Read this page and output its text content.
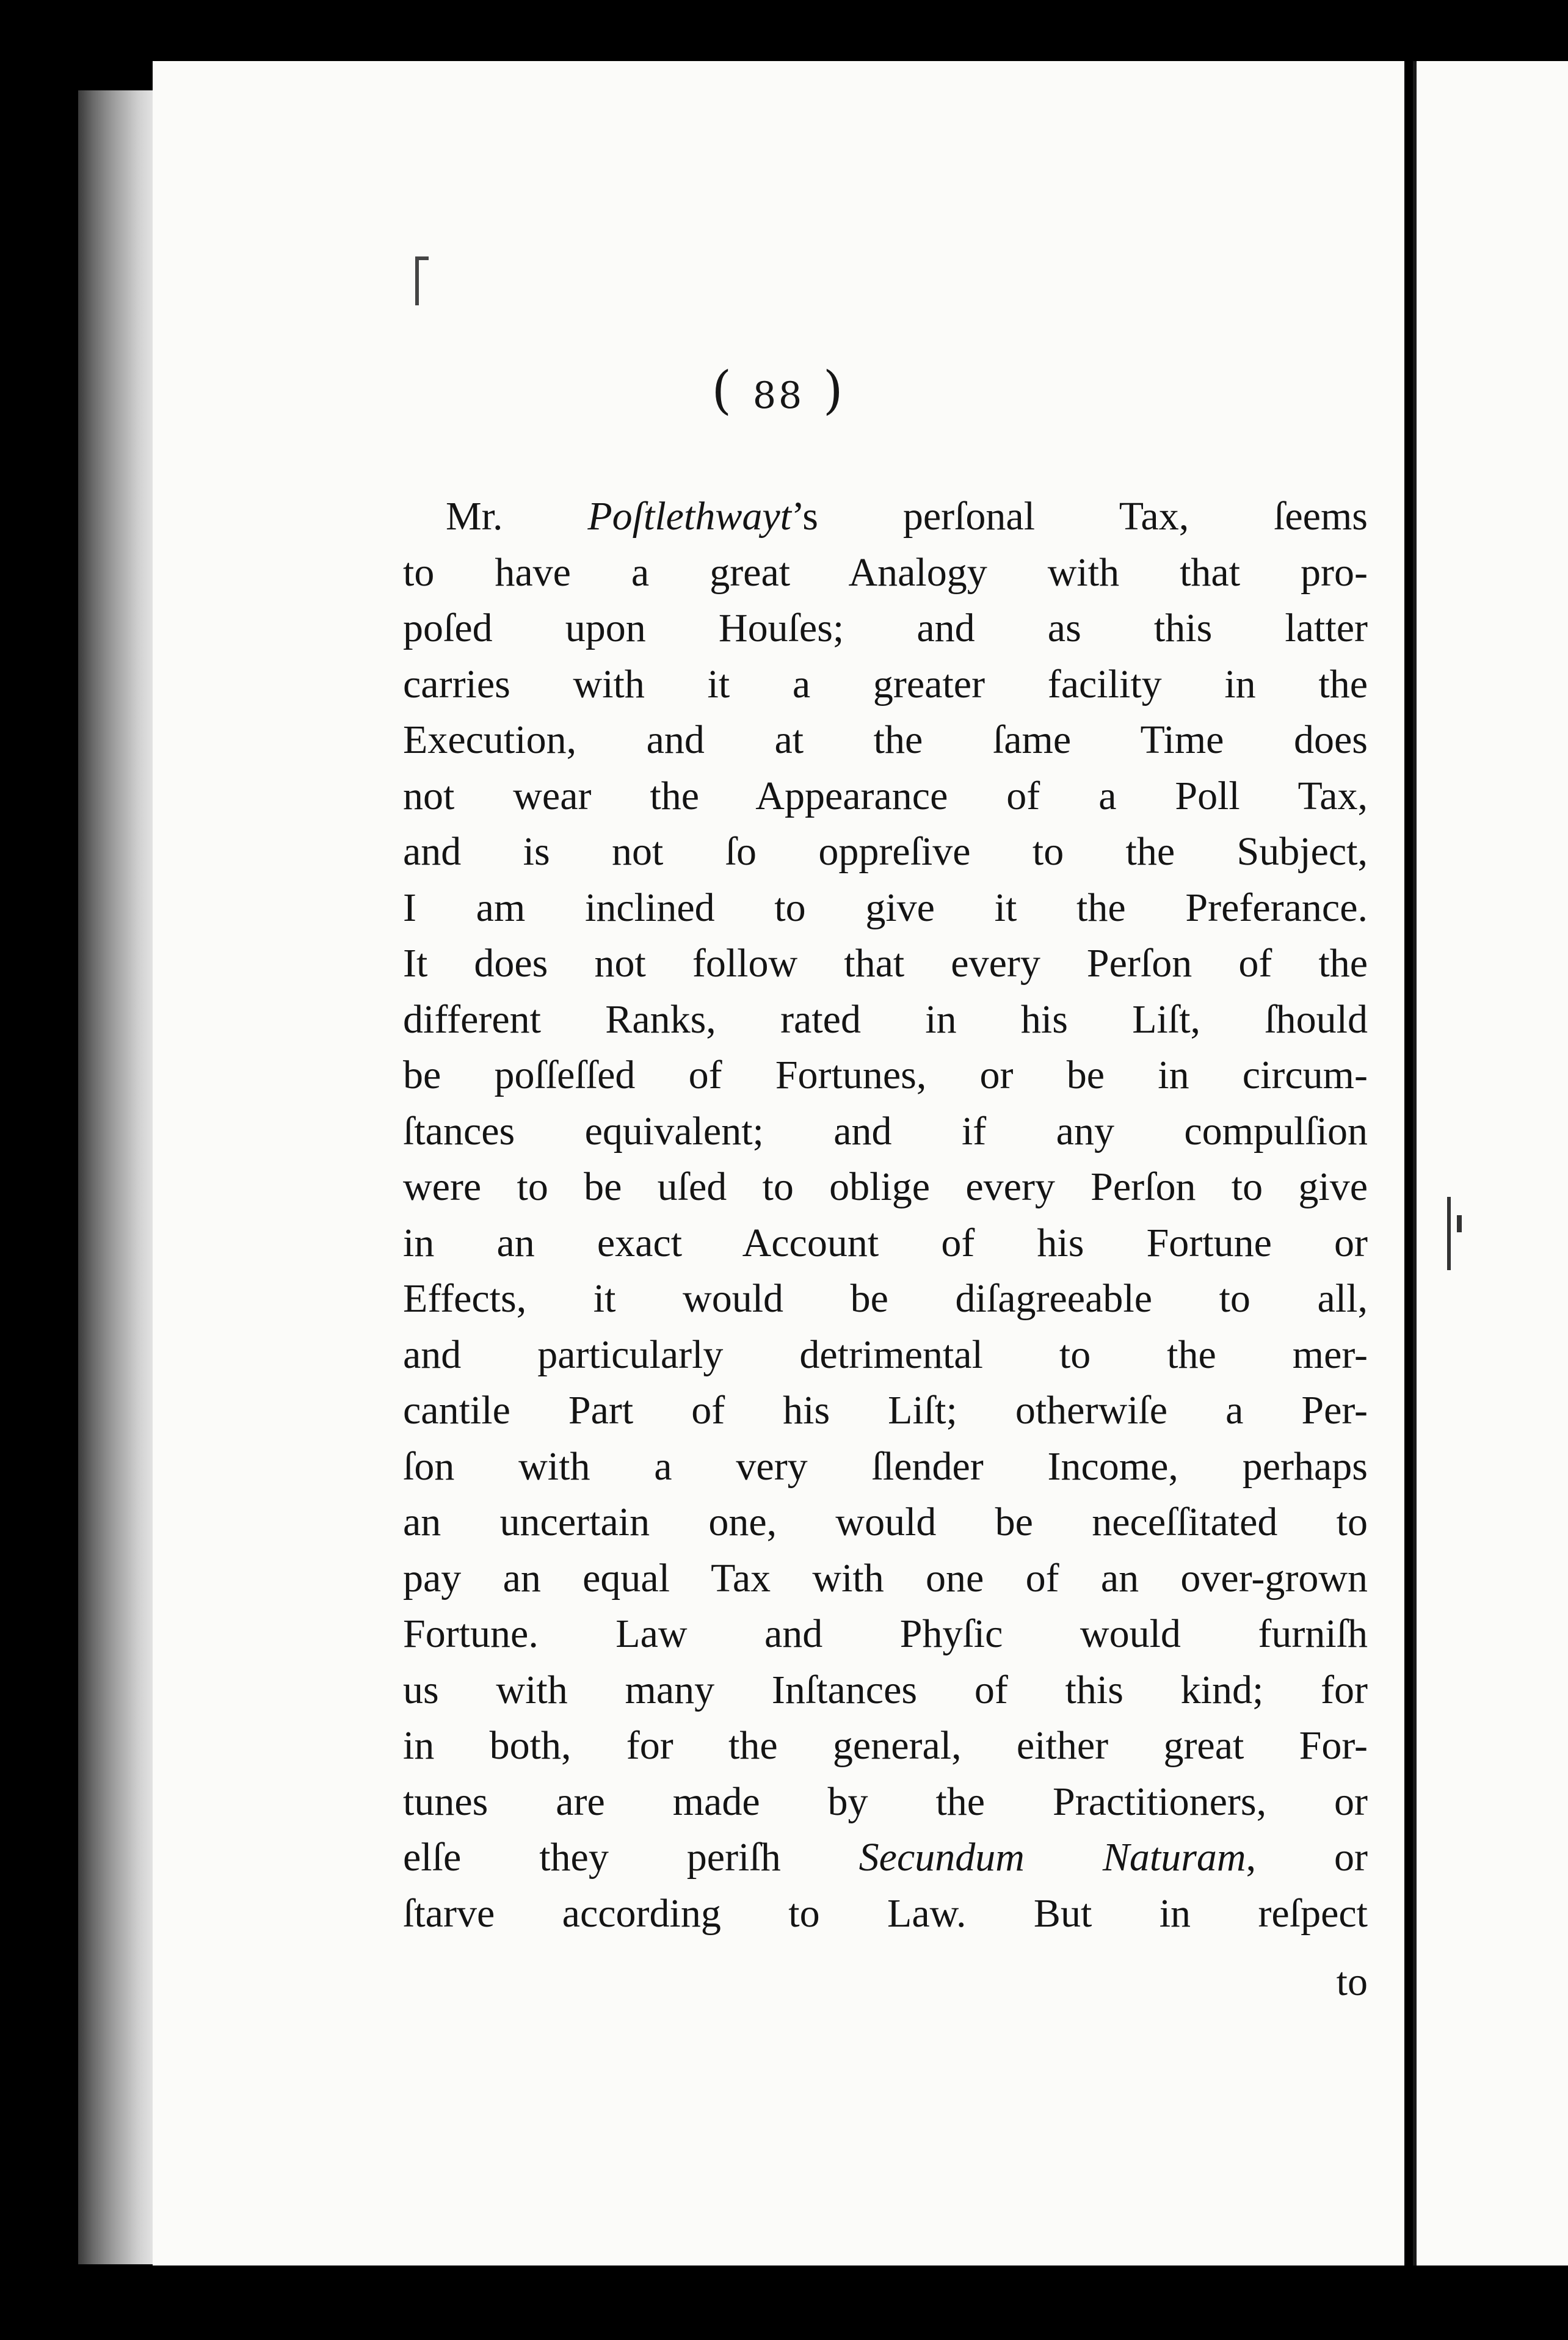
( 88 )
Mr. Poſtlethwayt’s perſonal Tax, ſeems
to have a great Analogy with that pro-
poſed upon Houſes; and as this latter
carries with it a greater facility in the
Execution, and at the ſame Time does
not wear the Appearance of a Poll Tax,
and is not ſo oppreſive to the Subject,
I am inclined to give it the Preferance.
It does not follow that every Perſon of the
different Ranks, rated in his Liſt, ſhould
be poſſeſſed of Fortunes, or be in circum-
ſtances equivalent; and if any compulſion
were to be uſed to oblige every Perſon to give
in an exact Account of his Fortune or
Effects, it would be diſagreeable to all,
and particularly detrimental to the mer-
cantile Part of his Liſt; otherwiſe a Per-
ſon with a very ſlender Income, perhaps
an uncertain one, would be neceſſitated to
pay an equal Tax with one of an over-grown
Fortune. Law and Phyſic would furniſh
us with many Inſtances of this kind; for
in both, for the general, either great For-
tunes are made by the Practitioners, or
elſe they periſh Secundum Naturam, or
ſtarve according to Law. But in reſpect
to
